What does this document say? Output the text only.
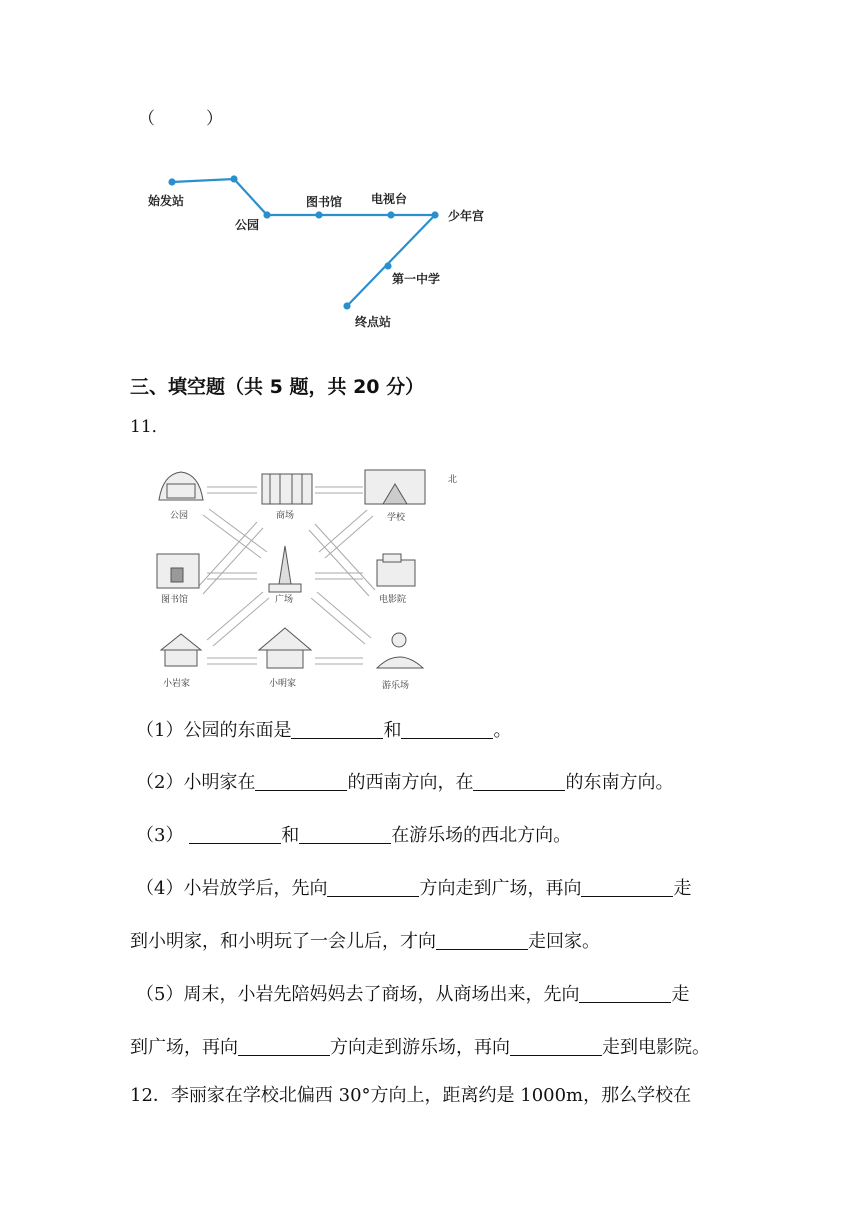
（　　　）
始发站
公园
图书馆 电视台
少年宫
第一中学
终点站
三、填空题（共 5 题，共 20 分）
11．
公园	商场	学校
北
图书馆	广场	电影院
小岩家	小明家	游乐场
（1）公园的东面是	和	。
（2）小明家在	的西南方向，在	的东南方向。
（3）	和	在游乐场的西北方向。
（4）小岩放学后，先向	方向走到广场，再向	走
到小明家，和小明玩了一会儿后，才向	走回家。
（5）周末，小岩先陪妈妈去了商场，从商场出来，先向	走
到广场，再向	方向走到游乐场，再向	走到电影院。
12．李丽家在学校北偏西 30°方向上，距离约是 1000m，那么学校在
